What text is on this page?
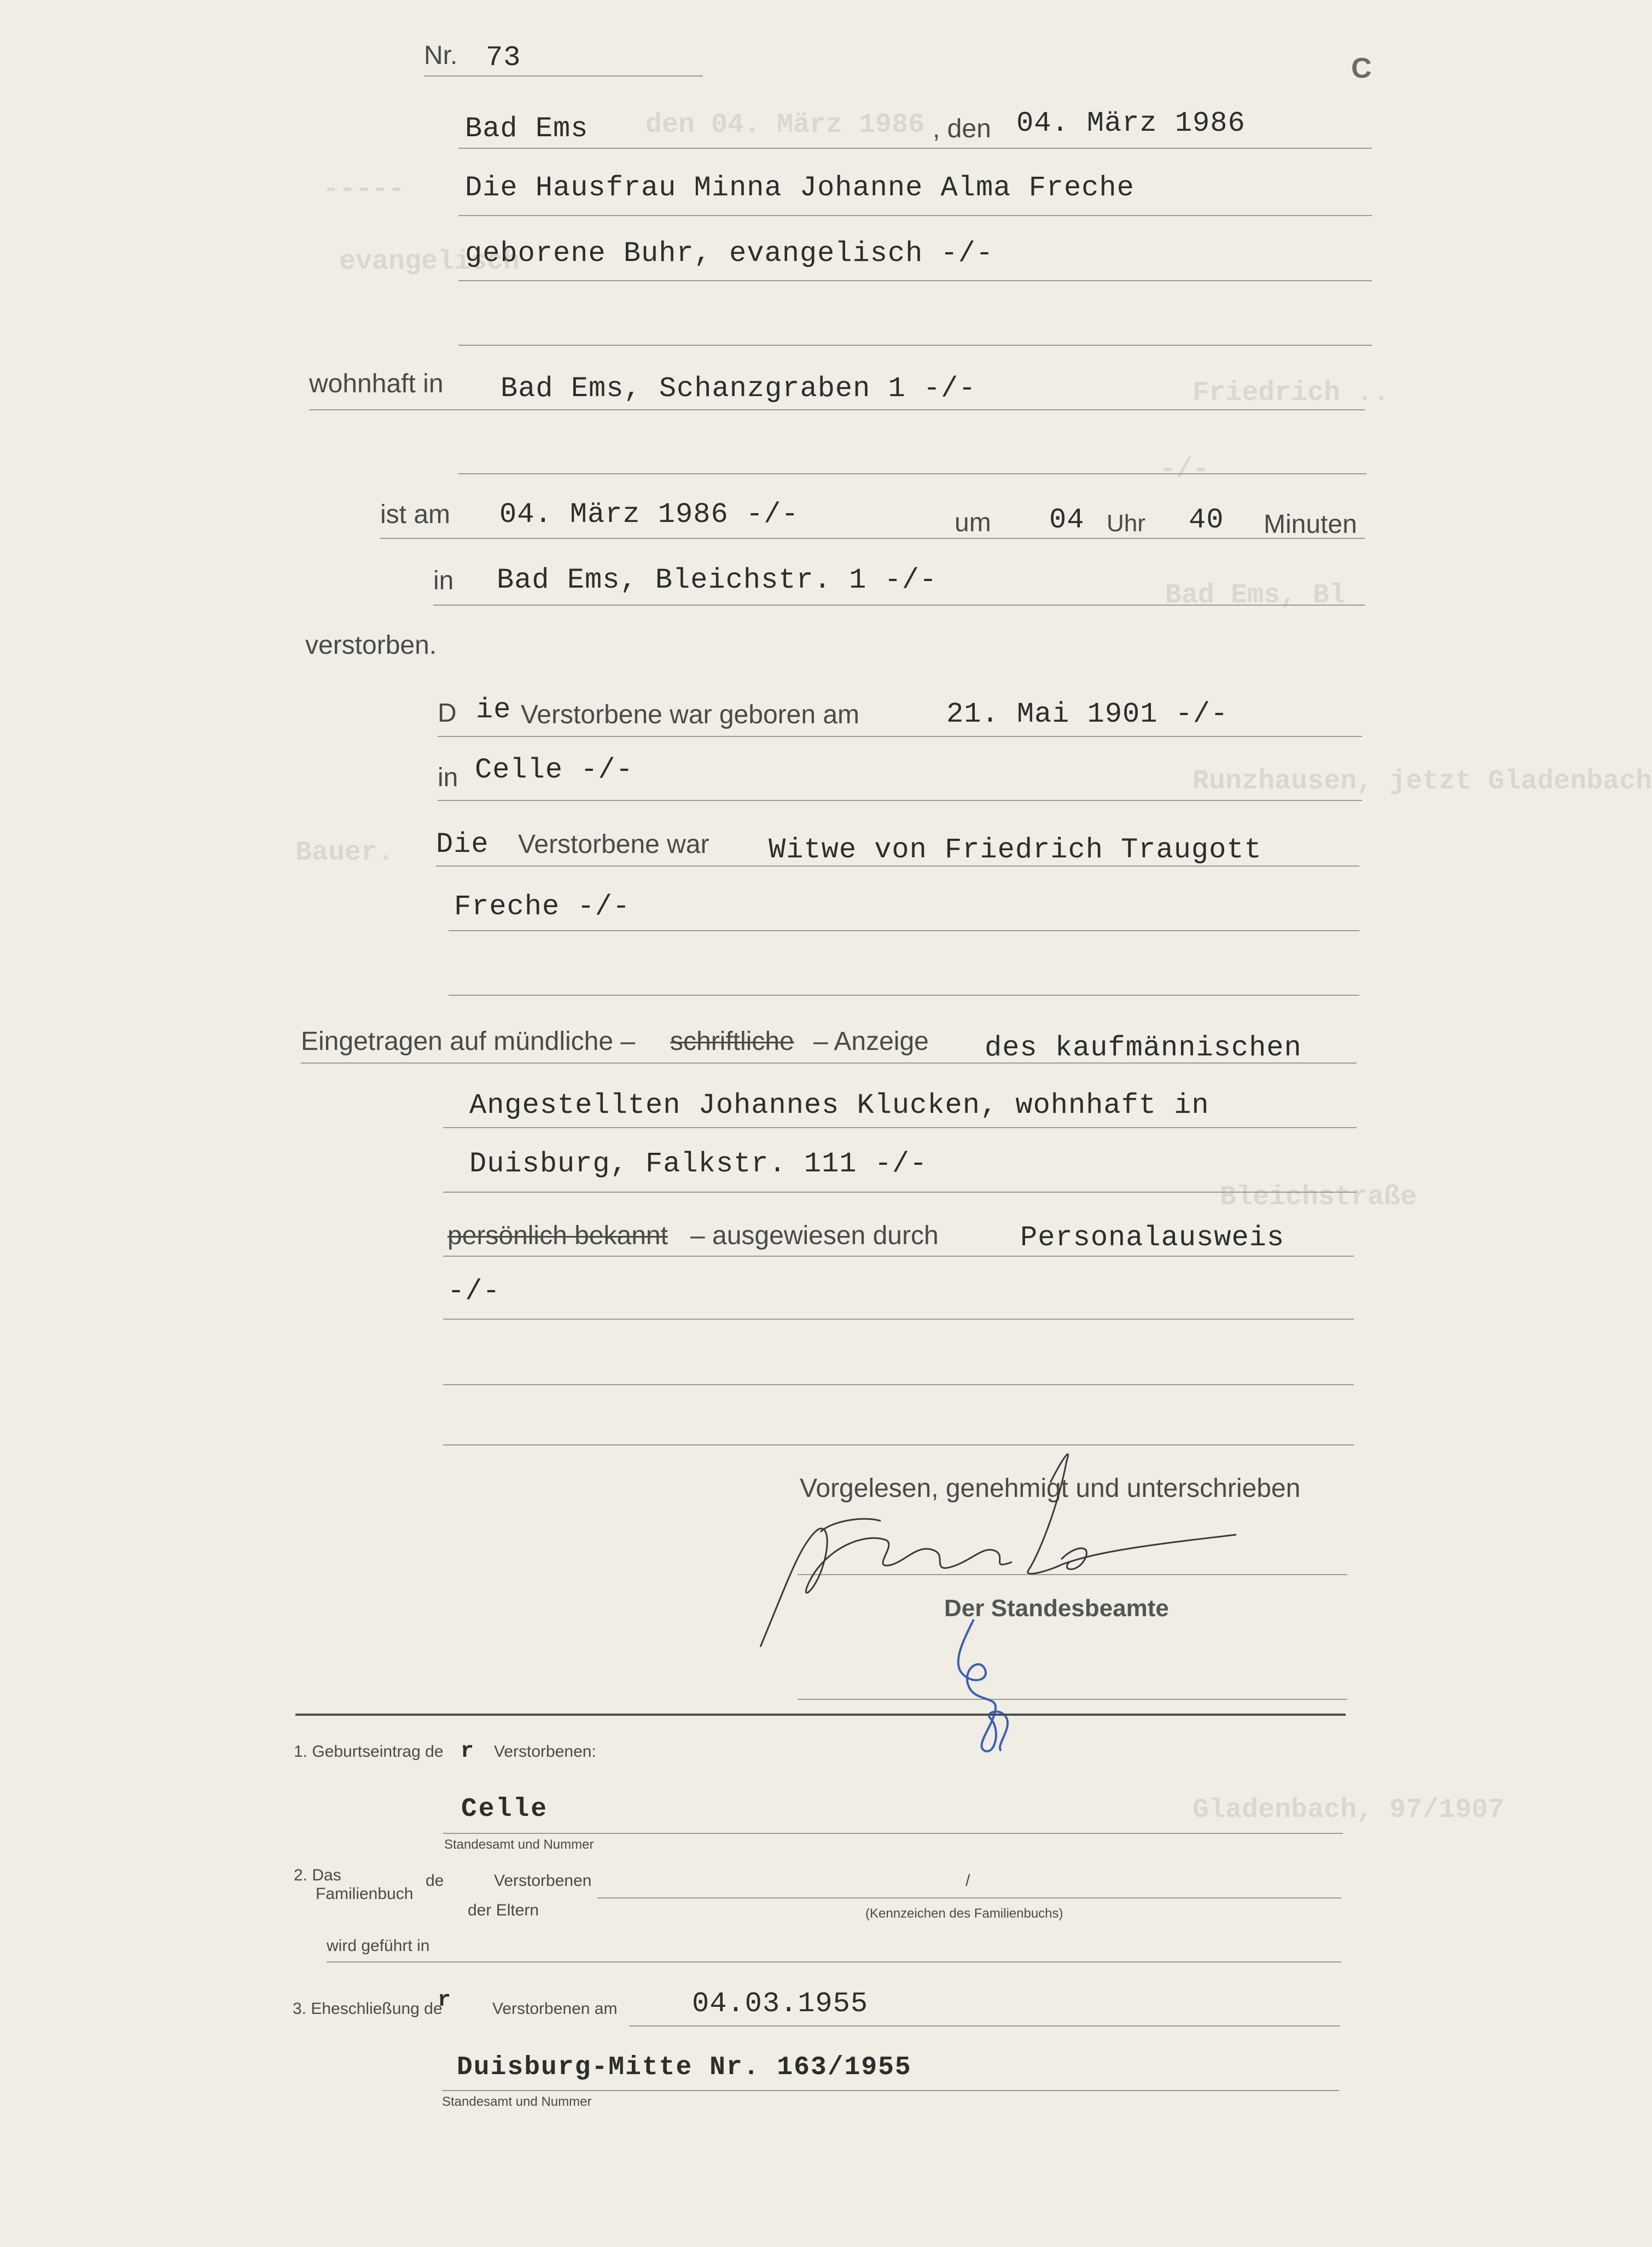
den 04. März 1986
-----
evangelisch
Friedrich ..
-/-
Bad Ems, Bl
Runzhausen, jetzt Gladenbach
Bauer.
Bleichstraße
Gladenbach, 97/1907
C
Nr. 73
Bad Ems	, den 04. März 1986
Die Hausfrau Minna Johanne Alma Freche
geborene Buhr, evangelisch -/-
wohnhaft in Bad Ems, Schanzgraben 1 -/-
ist am 04. März 1986 -/-	um 04 Uhr 40 Minuten
in Bad Ems, Bleichstr. 1 -/-
verstorben.
D ie Verstorbene war geboren am	21. Mai 1901 -/-
in Celle -/-
Die Verstorbene war Witwe von Friedrich Traugott
Freche -/-
Eingetragen auf mündliche – schriftliche – Anzeige des kaufmännischen
Angestellten Johannes Klucken, wohnhaft in
Duisburg, Falkstr. 111 -/-
persönlich bekannt – ausgewiesen durch	Personalausweis
-/-
Vorgelesen, genehmigt und unterschrieben
Der Standesbeamte
1. Geburtseintrag de r Verstorbenen:
Celle
Standesamt und Nummer
2. Das
Familienbuch
de	Verstorbenen
der Eltern
/
(Kennzeichen des Familienbuchs)
wird geführt in
3. Eheschließung de
r Verstorbenen am	04.03.1955
Duisburg-Mitte Nr. 163/1955
Standesamt und Nummer
